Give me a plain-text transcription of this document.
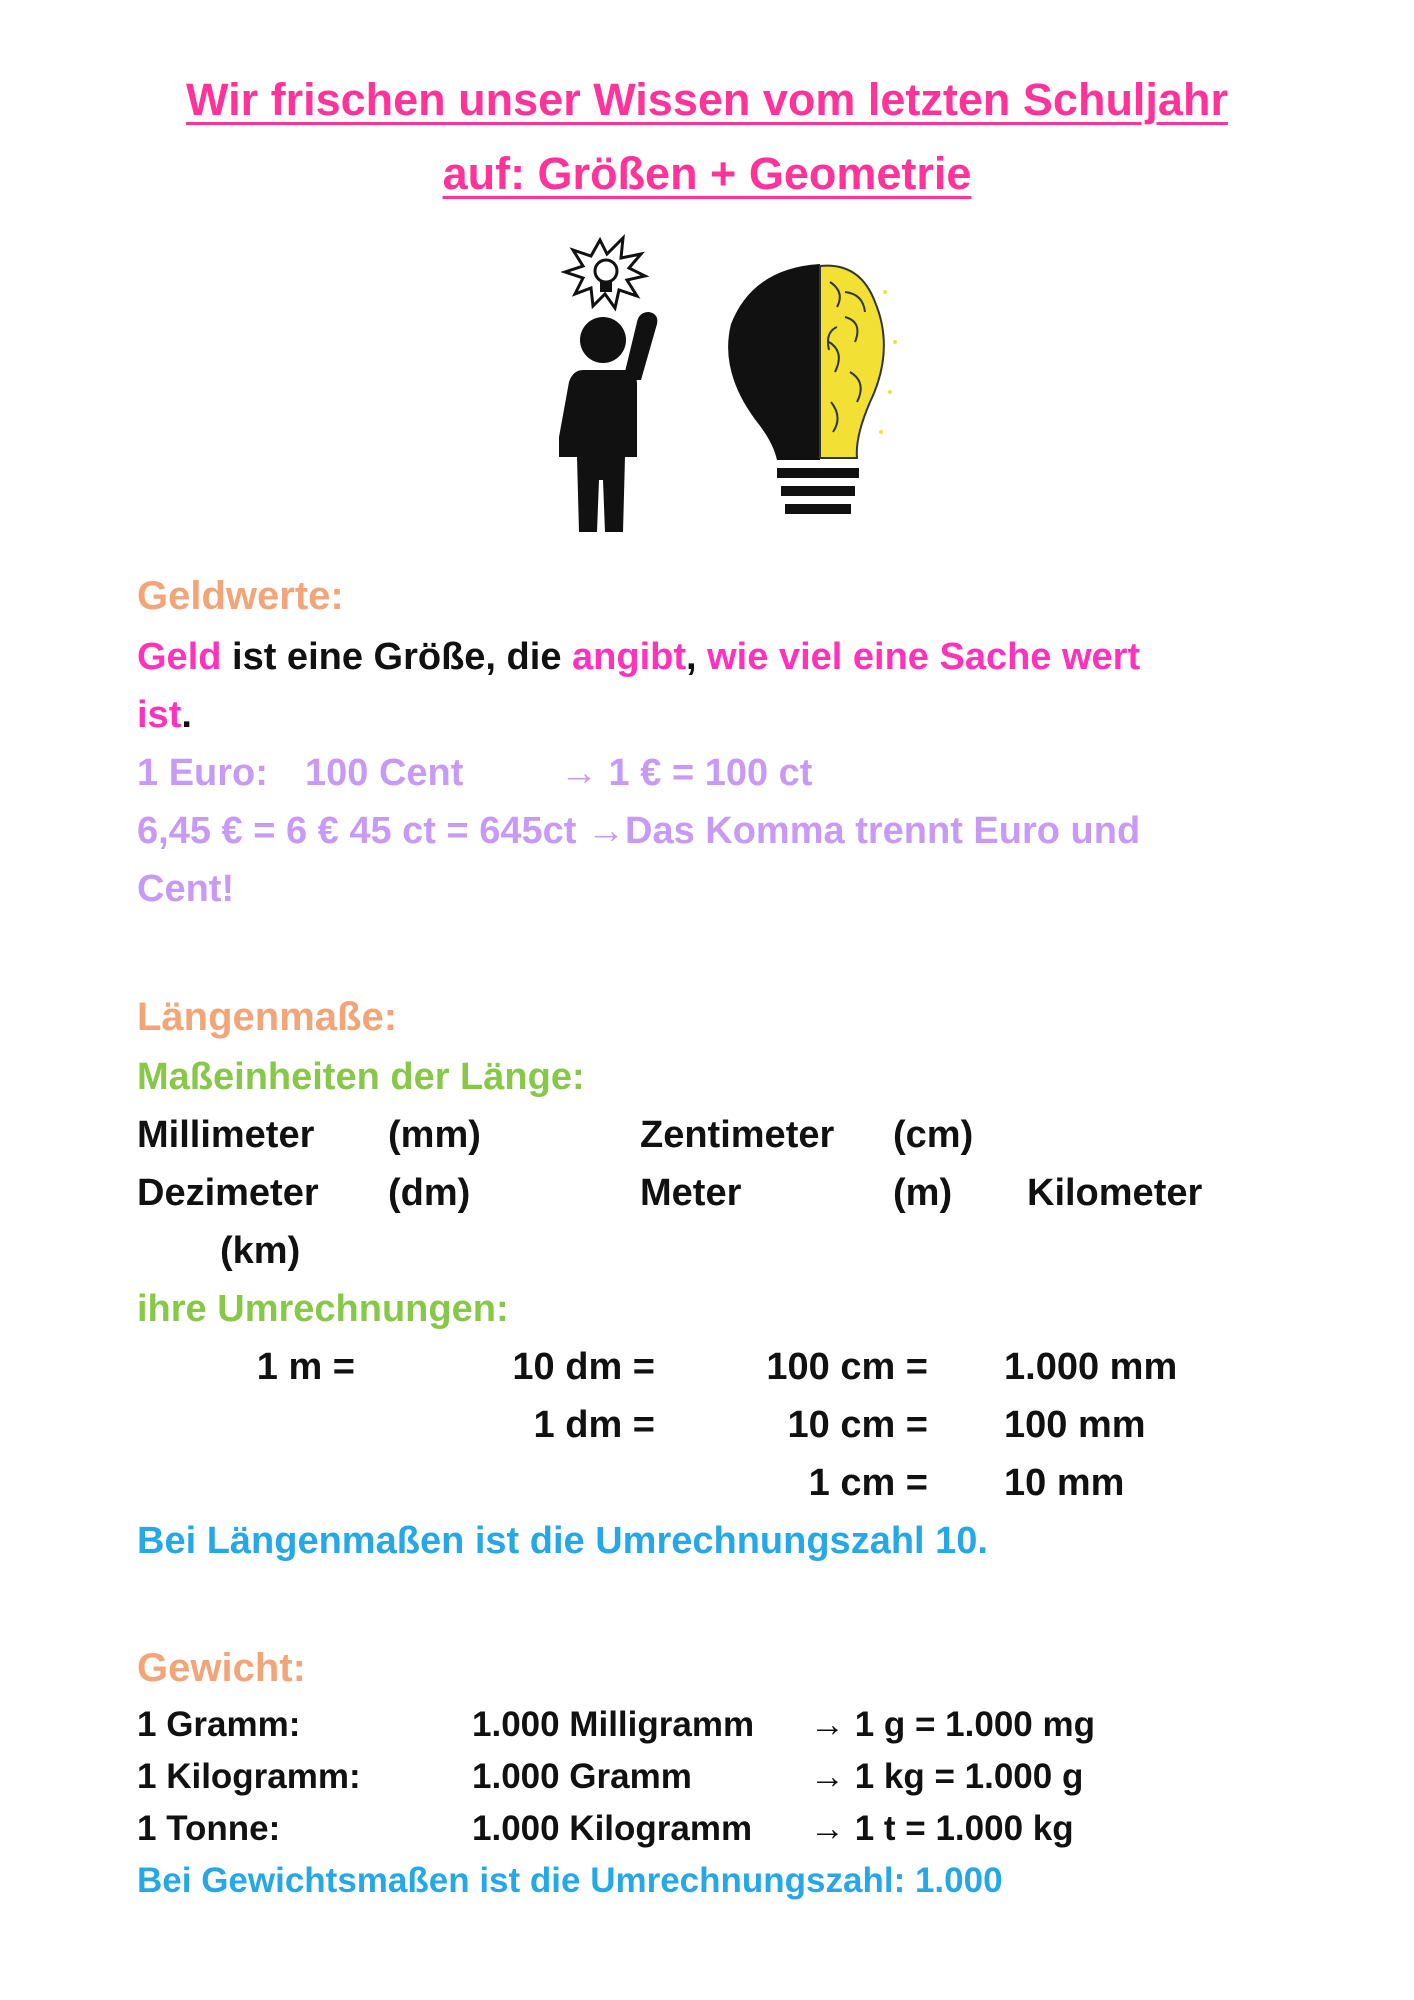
Wir frischen unser Wissen vom letzten Schuljahr
auf: Größen + Geometrie
Geldwerte:
Geld ist eine Größe, die angibt, wie viel eine Sache wert
ist.
1 Euro: 100 Cent	→ 1 € = 100 ct
6,45 € = 6 € 45 ct = 645ct →Das Komma trennt Euro und
Cent!
Längenmaße:
Maßeinheiten der Länge:
Millimeter (mm)	Zentimeter (cm)
Dezimeter (dm)	Meter	(m) Kilometer
(km)
ihre Umrechnungen:
1 m =	10 dm =	100 cm = 1.000 mm
1 dm =	10 cm = 100 mm
1 cm = 10 mm
Bei Längenmaßen ist die Umrechnungszahl 10.
Gewicht:
1 Gramm:	1.000 Milligramm → 1 g = 1.000 mg
1 Kilogramm:	1.000 Gramm	→ 1 kg = 1.000 g
1 Tonne:	1.000 Kilogramm → 1 t = 1.000 kg
Bei Gewichtsmaßen ist die Umrechnungszahl: 1.000
